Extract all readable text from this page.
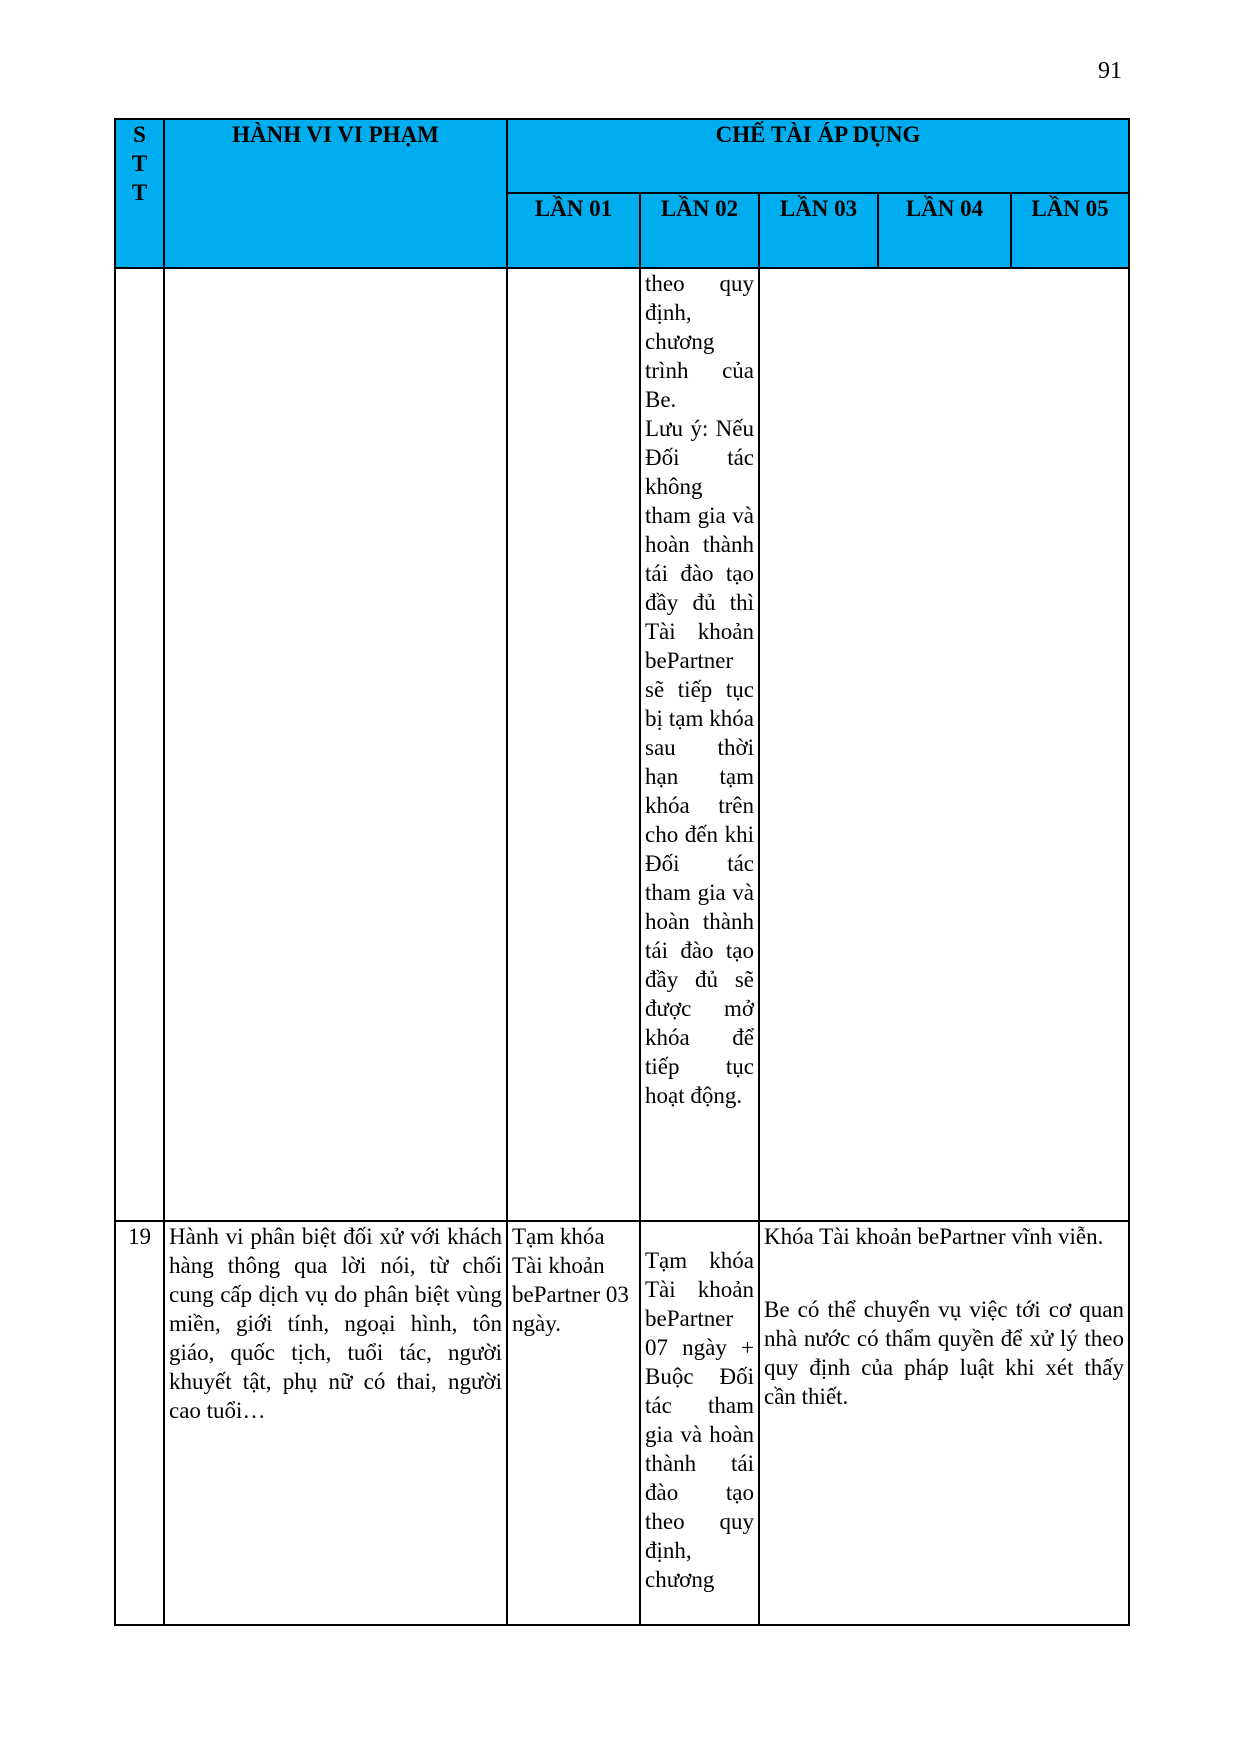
91
S
T
T	HÀNH VI VI PHẠM	CHẾ TÀI ÁP DỤNG				
		LẦN 01	LẦN 02	LẦN 03	LẦN 04	LẦN 05

			theo quy định, chương trình của Be.

Lưu ý: Nếu Đối tác không tham gia và hoàn thành tái đào tạo đầy đủ thì Tài khoản bePartner sẽ tiếp tục bị tạm khóa sau thời hạn tạm khóa trên cho đến khi Đối tác tham gia và hoàn thành tái đào tạo đầy đủ sẽ được mở khóa để tiếp tục hoạt động.			

19	Hành vi phân biệt đối xử với khách hàng thông qua lời nói, từ chối cung cấp dịch vụ do phân biệt vùng miền, giới tính, ngoại hình, tôn giáo, quốc tịch, tuổi tác, người khuyết tật, phụ nữ có thai, người cao tuổi…	Tạm khóa Tài khoản bePartner 03 ngày.	Tạm khóa Tài khoản bePartner 07 ngày + Buộc Đối tác tham gia và hoàn thành tái đào tạo theo quy định, chương	Khóa Tài khoản bePartner vĩnh viễn.

Be có thể chuyển vụ việc tới cơ quan nhà nước có thẩm quyền để xử lý theo quy định của pháp luật khi xét thấy cần thiết.		
